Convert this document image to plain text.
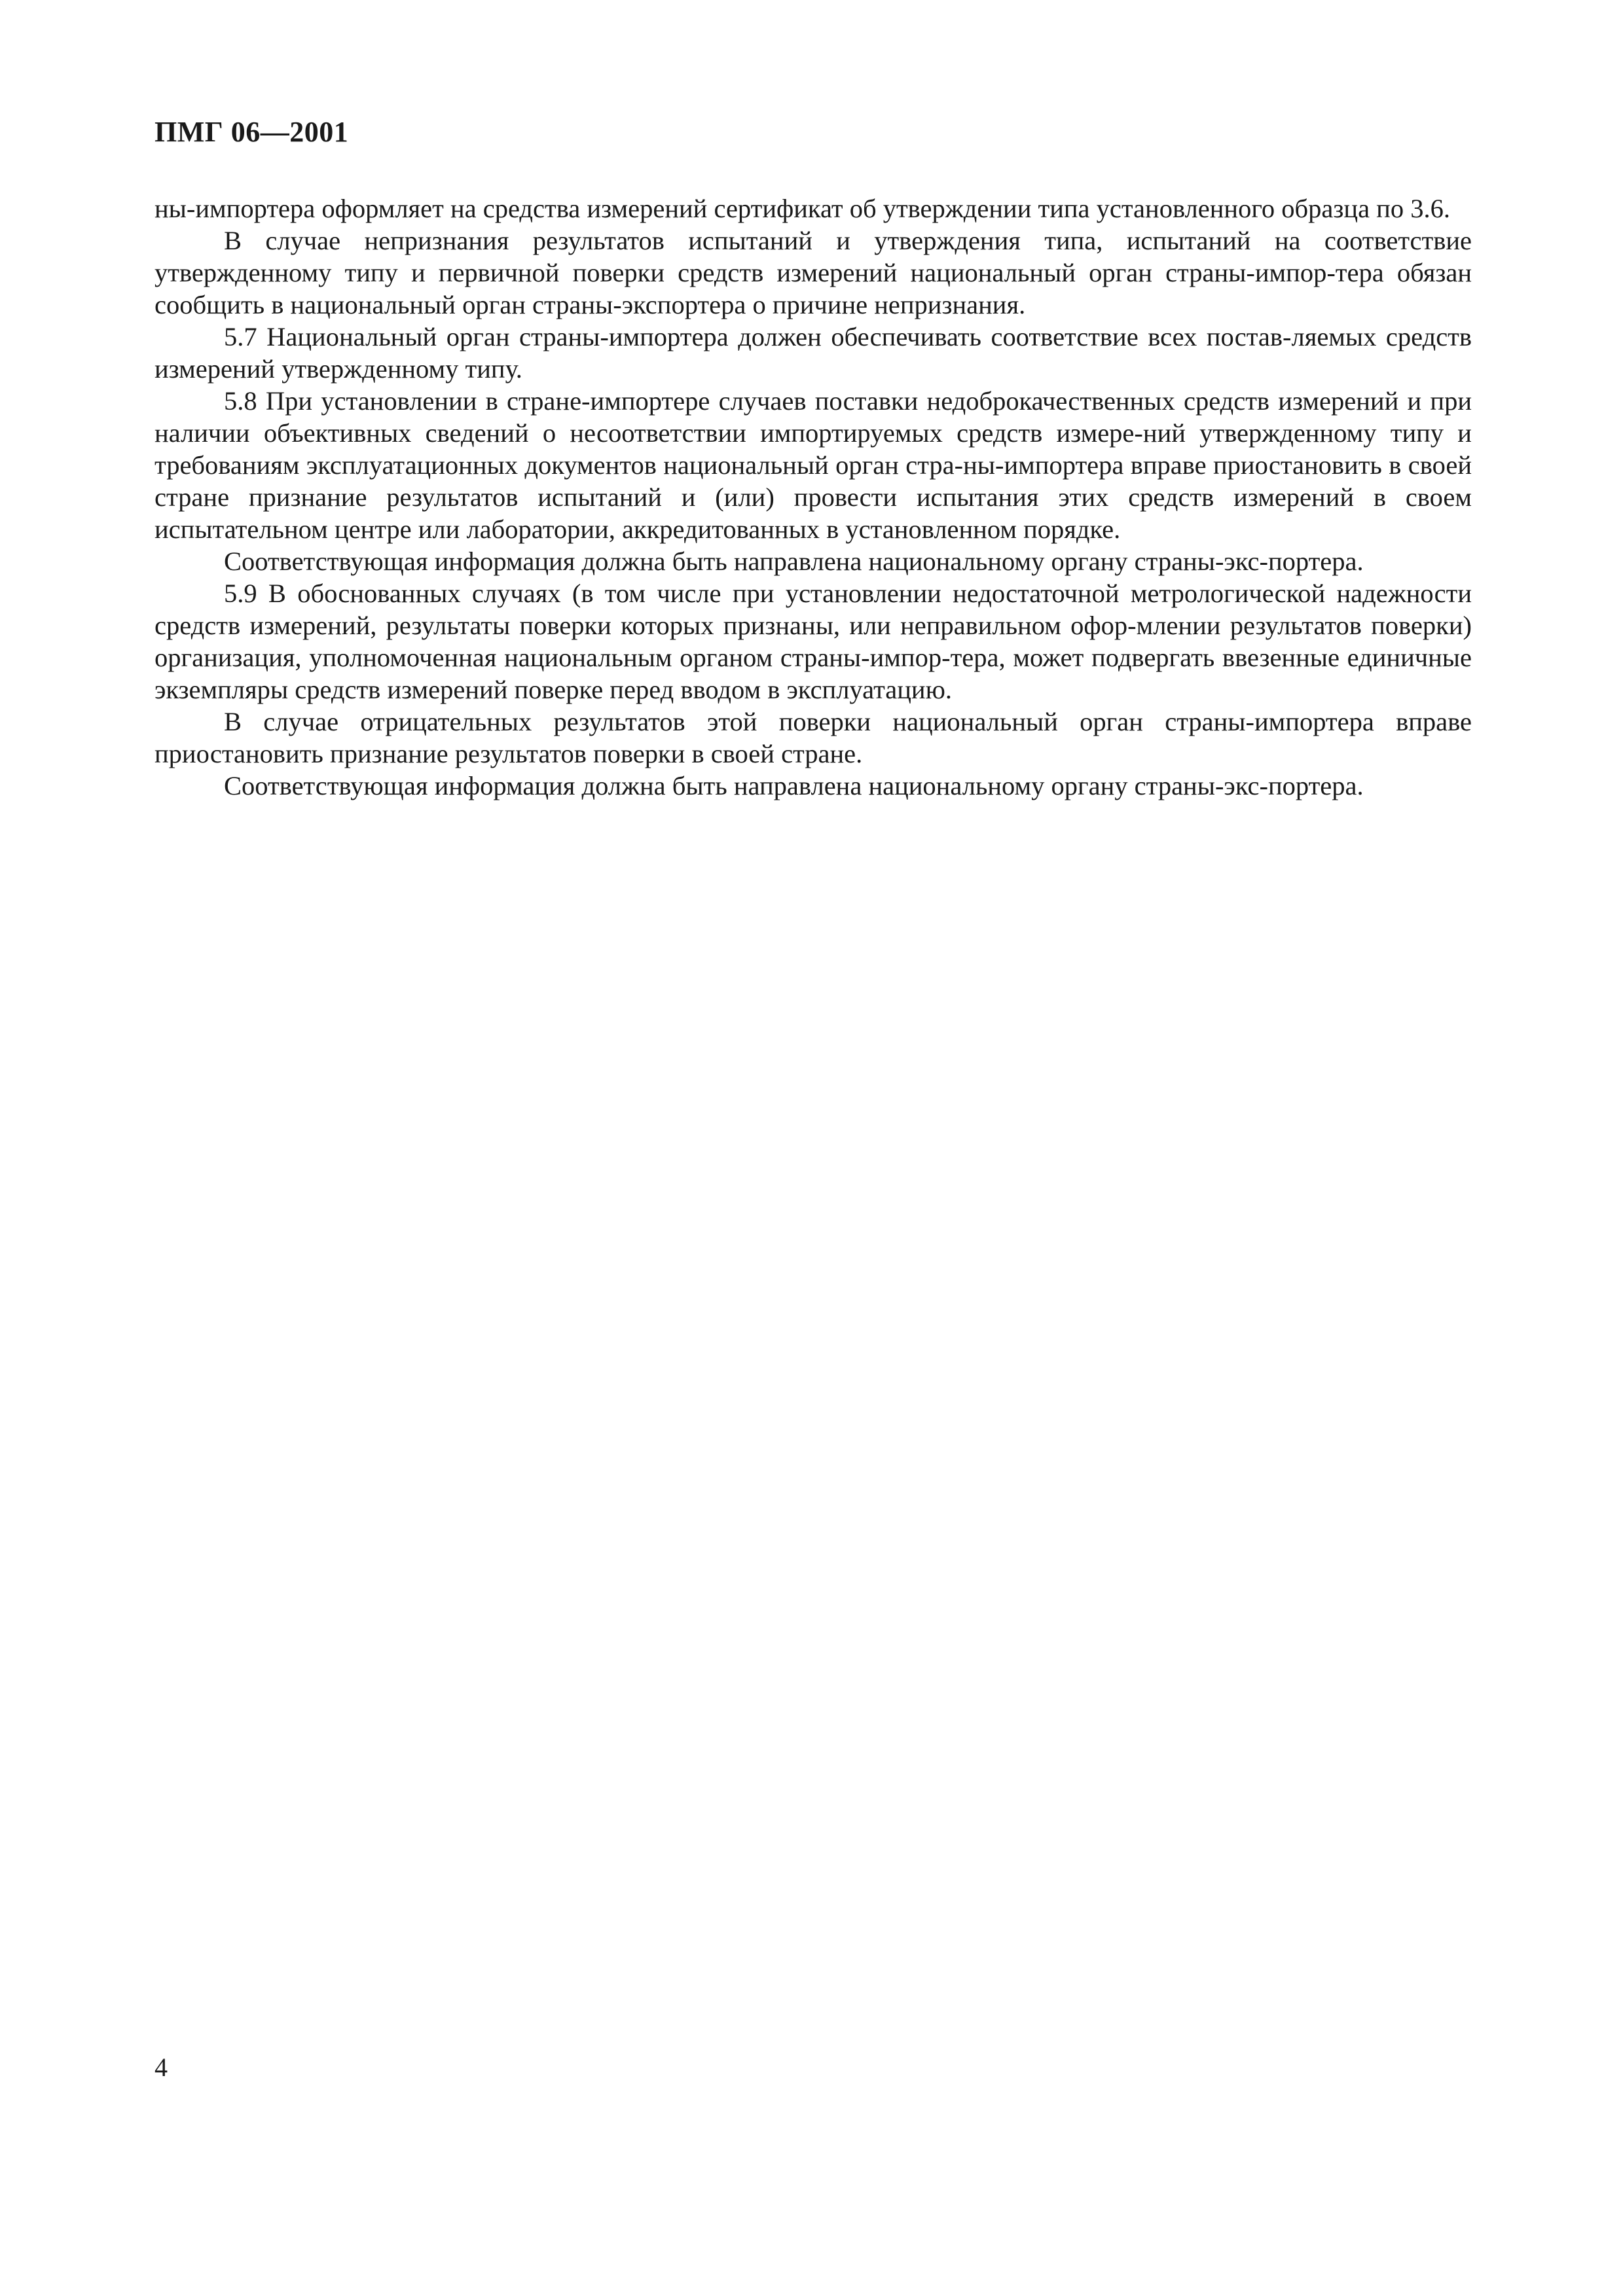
ПМГ 06—2001

ны-импортера оформляет на средства измерений сертификат об утверждении типа установленного образца по 3.6.

В случае непризнания результатов испытаний и утверждения типа, испытаний на соответствие утвержденному типу и первичной поверки средств измерений национальный орган страны-импор-тера обязан сообщить в национальный орган страны-экспортера о причине непризнания.

5.7 Национальный орган страны-импортера должен обеспечивать соответствие всех постав-ляемых средств измерений утвержденному типу.

5.8 При установлении в стране-импортере случаев поставки недоброкачественных средств измерений и при наличии объективных сведений о несоответствии импортируемых средств измере-ний утвержденному типу и требованиям эксплуатационных документов национальный орган стра-ны-импортера вправе приостановить в своей стране признание результатов испытаний и (или) провести испытания этих средств измерений в своем испытательном центре или лаборатории, аккредитованных в установленном порядке.

Соответствующая информация должна быть направлена национальному органу страны-экс-портера.

5.9 В обоснованных случаях (в том числе при установлении недостаточной метрологической надежности средств измерений, результаты поверки которых признаны, или неправильном офор-млении результатов поверки) организация, уполномоченная национальным органом страны-импор-тера, может подвергать ввезенные единичные экземпляры средств измерений поверке перед вводом в эксплуатацию.

В случае отрицательных результатов этой поверки национальный орган страны-импортера вправе приостановить признание результатов поверки в своей стране.

Соответствующая информация должна быть направлена национальному органу страны-экс-портера.

4
